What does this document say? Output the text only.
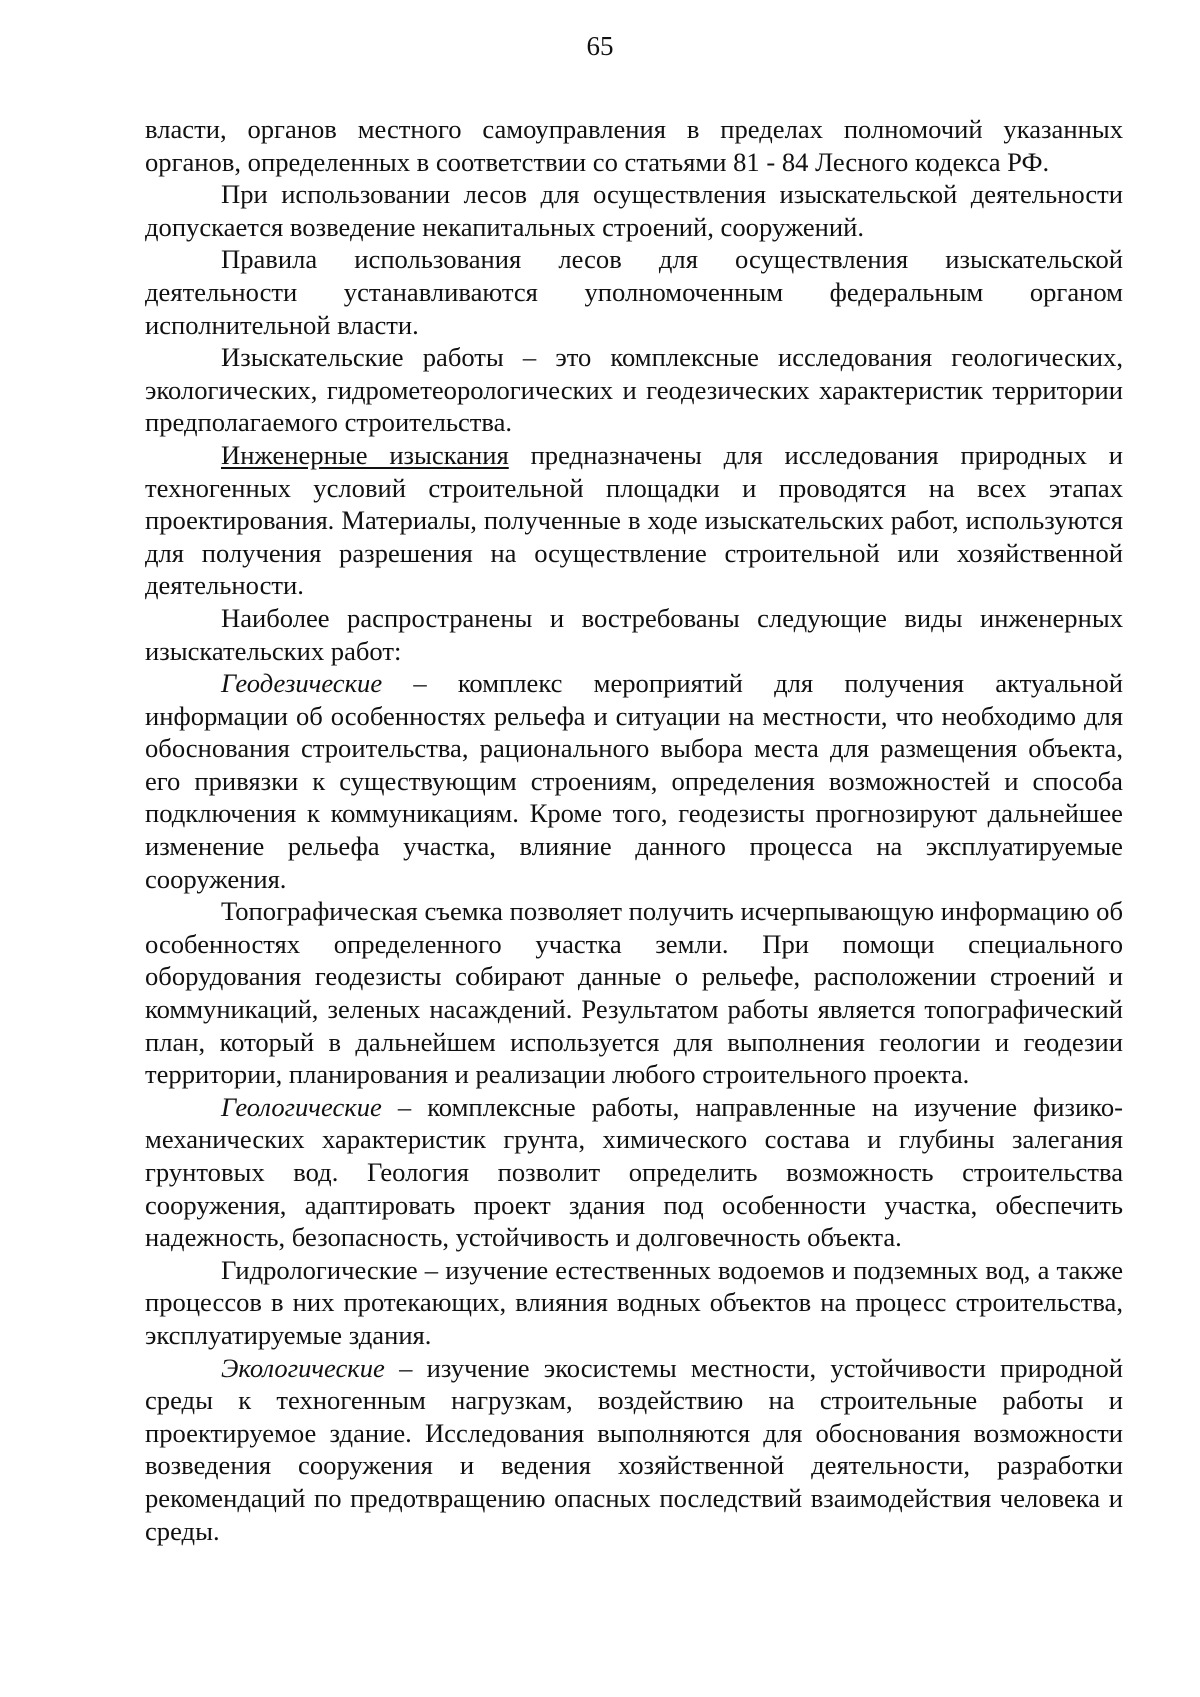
65

власти, органов местного самоуправления в пределах полномочий указанных органов, определенных в соответствии со статьями 81 - 84 Лесного кодекса РФ.

При использовании лесов для осуществления изыскательской деятельности допускается возведение некапитальных строений, сооружений.

Правила использования лесов для осуществления изыскательской деятельности устанавливаются уполномоченным федеральным органом исполнительной власти.

Изыскательские работы – это комплексные исследования геологических, экологических, гидрометеорологических и геодезических характеристик территории предполагаемого строительства.

Инженерные изыскания предназначены для исследования природных и техногенных условий строительной площадки и проводятся на всех этапах проектирования. Материалы, полученные в ходе изыскательских работ, используются для получения разрешения на осуществление строительной или хозяйственной деятельности.

Наиболее распространены и востребованы следующие виды инженерных изыскательских работ:

Геодезические – комплекс мероприятий для получения актуальной информации об особенностях рельефа и ситуации на местности, что необходимо для обоснования строительства, рационального выбора места для размещения объекта, его привязки к существующим строениям, определения возможностей и способа подключения к коммуникациям. Кроме того, геодезисты прогнозируют дальнейшее изменение рельефа участка, влияние данного процесса на эксплуатируемые сооружения.

Топографическая съемка позволяет получить исчерпывающую информацию об особенностях определенного участка земли. При помощи специального оборудования геодезисты собирают данные о рельефе, расположении строений и коммуникаций, зеленых насаждений. Результатом работы является топографический план, который в дальнейшем используется для выполнения геологии и геодезии территории, планирования и реализации любого строительного проекта.

Геологические – комплексные работы, направленные на изучение физико-механических характеристик грунта, химического состава и глубины залегания грунтовых вод. Геология позволит определить возможность строительства сооружения, адаптировать проект здания под особенности участка, обеспечить надежность, безопасность, устойчивость и долговечность объекта.

Гидрологические – изучение естественных водоемов и подземных вод, а также процессов в них протекающих, влияния водных объектов на процесс строительства, эксплуатируемые здания.

Экологические – изучение экосистемы местности, устойчивости природной среды к техногенным нагрузкам, воздействию на строительные работы и проектируемое здание. Исследования выполняются для обоснования возможности возведения сооружения и ведения хозяйственной деятельности, разработки рекомендаций по предотвращению опасных последствий взаимодействия человека и среды.
